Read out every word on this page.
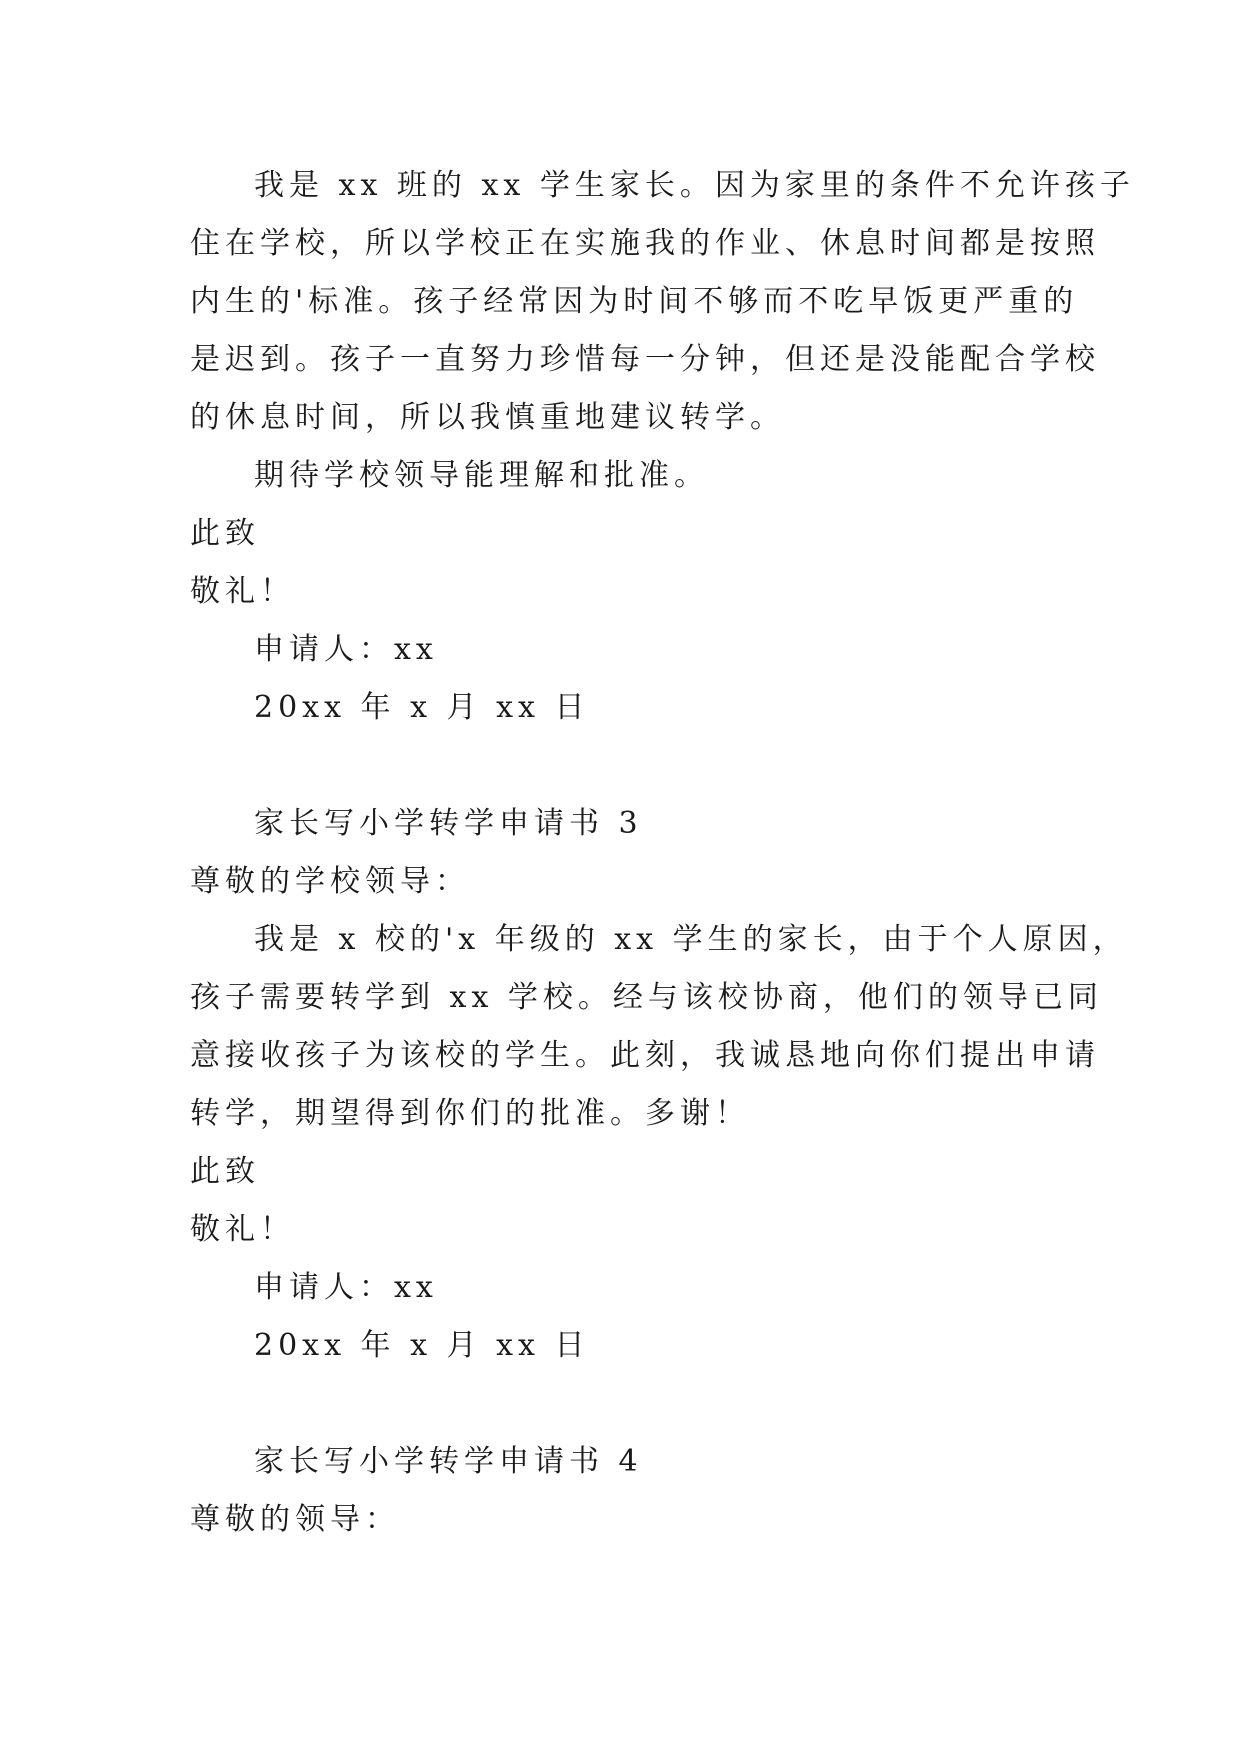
我是 xx 班的 xx 学生家长。因为家里的条件不允许孩子
住在学校，所以学校正在实施我的作业、休息时间都是按照
内生的'标准。孩子经常因为时间不够而不吃早饭更严重的
是迟到。孩子一直努力珍惜每一分钟，但还是没能配合学校
的休息时间，所以我慎重地建议转学。
期待学校领导能理解和批准。
此致
敬礼！
申请人：xx
20xx 年 x 月 xx 日
家长写小学转学申请书 3
尊敬的学校领导：
我是 x 校的'x 年级的 xx 学生的家长，由于个人原因，
孩子需要转学到 xx 学校。经与该校协商，他们的领导已同
意接收孩子为该校的学生。此刻，我诚恳地向你们提出申请
转学，期望得到你们的批准。多谢！
此致
敬礼！
申请人：xx
20xx 年 x 月 xx 日
家长写小学转学申请书 4
尊敬的领导：
